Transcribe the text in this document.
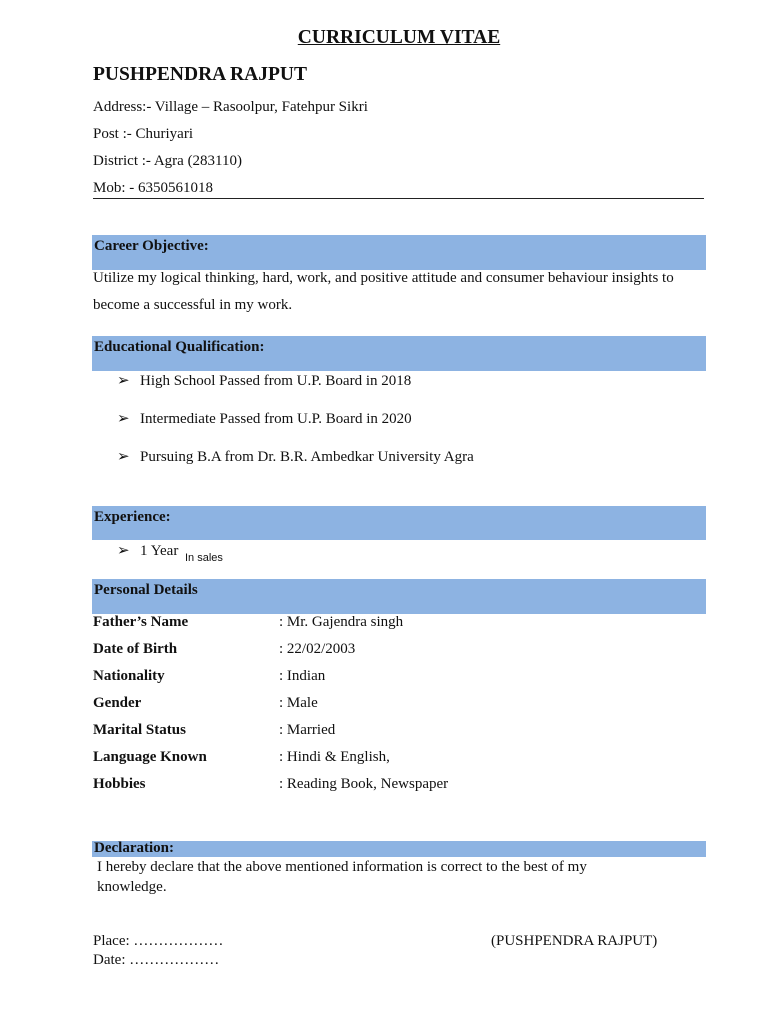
CURRICULUM VITAE
PUSHPENDRA RAJPUT
Address:- Village – Rasoolpur, Fatehpur Sikri
Post :- Churiyari
District :- Agra (283110)
Mob: - 6350561018
Career Objective:
Utilize my logical thinking, hard, work, and positive attitude and consumer behaviour insights to
become a successful in my work.
Educational Qualification:
➢ High School Passed from U.P. Board in 2018
➢ Intermediate Passed from U.P. Board in 2020
➢ Pursuing B.A from Dr. B.R. Ambedkar University Agra
Experience:
➢ 1 Year In sales
Personal Details
Father’s Name	: Mr. Gajendra singh
Date of Birth	: 22/02/2003
Nationality	: Indian
Gender	: Male
Marital Status	: Married
Language Known	: Hindi & English,
Hobbies	: Reading Book, Newspaper
Declaration:
I hereby declare that the above mentioned information is correct to the best of my
knowledge.
Place: ………………
Date: ………………
(PUSHPENDRA RAJPUT)
